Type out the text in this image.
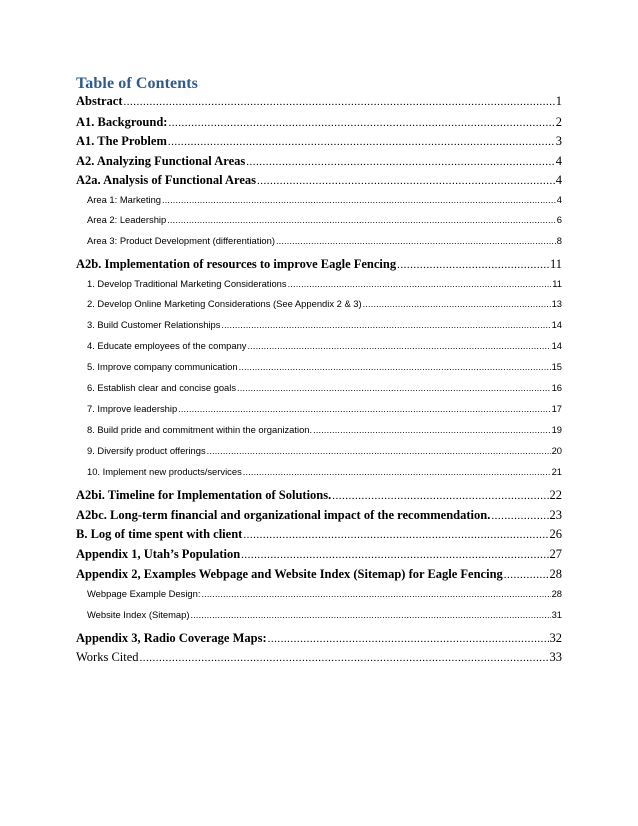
Table of Contents
Abstract .....	1
A1. Background: .....	2
A1. The Problem .....	3
A2. Analyzing Functional Areas .....	4
A2a. Analysis of Functional Areas .....	4
Area 1: Marketing .....	4
Area 2: Leadership .....	6
Area 3: Product Development (differentiation) .....	8
A2b. Implementation of resources to improve Eagle Fencing .....	11
1. Develop Traditional Marketing Considerations .....	11
2. Develop Online Marketing Considerations (See Appendix 2 & 3) .....	13
3. Build Customer Relationships .....	14
4. Educate employees of the company .....	14
5. Improve company communication .....	15
6. Establish clear and concise goals .....	16
7. Improve leadership .....	17
8. Build pride and commitment within the organization. .....	19
9. Diversify product offerings .....	20
10. Implement new products/services .....	21
A2bi. Timeline for Implementation of Solutions. .....	22
A2bc. Long-term financial and organizational impact of the recommendation. .....	23
B. Log of time spent with client .....	26
Appendix 1, Utah’s Population .....	27
Appendix 2, Examples Webpage and Website Index (Sitemap) for Eagle Fencing .....	28
Webpage Example Design: .....	28
Website Index (Sitemap) .....	31
Appendix 3, Radio Coverage Maps: .....	32
Works Cited .....	33
